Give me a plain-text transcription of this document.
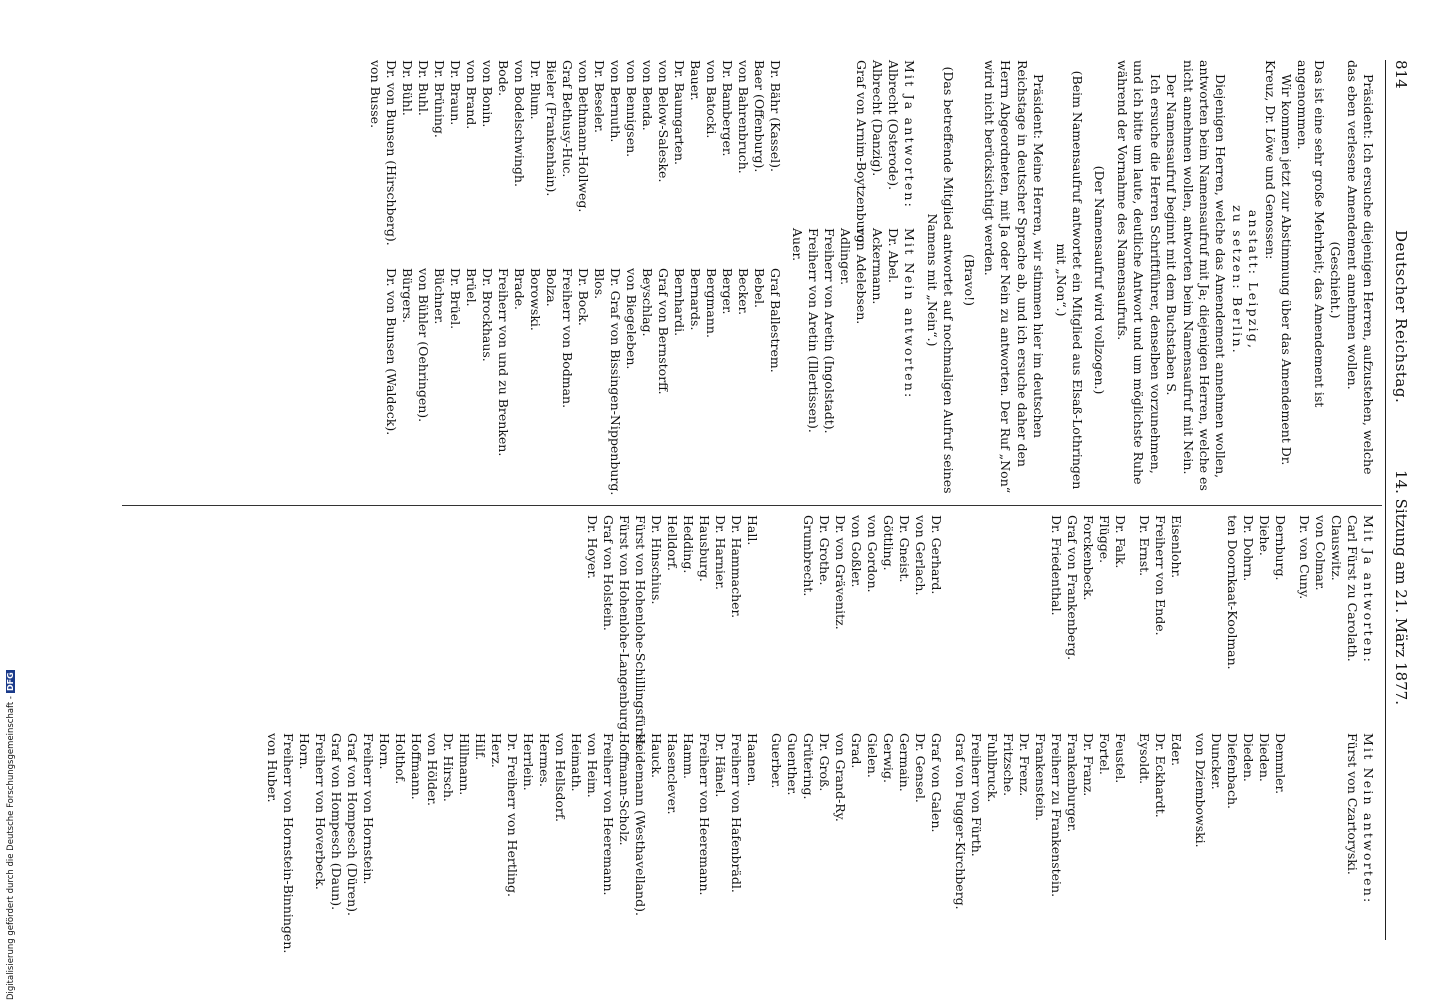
814
Deutscher Reichstag.
14. Sitzung am 21. März 1877.

Präsident: Ich ersuche diejenigen Herren, aufzustehen, welche das eben verlesene Amendement annehmen wollen.

(Geschieht.)

Das ist eine sehr große Mehrheit; das Amendement ist angenommen.

Wir kommen jetzt zur Abstimmung über das Amendement Dr. Kreuz, Dr. Löwe und Genossen:

anstatt: Leipzig,

zu setzen: Berlin.

Diejenigen Herren, welche das Amendement annehmen wollen, antworten beim Namensaufruf mit Ja; diejenigen Herren, welche es nicht annehmen wollen, antworten beim Namensaufruf mit Nein.

Der Namensaufruf beginnt mit dem Buchstaben S.

Ich ersuche die Herren Schriftführer, denselben vorzunehmen, und ich bitte um laute, deutliche Antwort und um möglichste Ruhe während der Vornahme des Namensaufrufs.

(Der Namensaufruf wird vollzogen.)

(Beim Namensaufruf antwortet ein Mitglied aus Elsaß-Lothringen mit „Non“.)

Präsident: Meine Herren, wir stimmen hier im deutschen Reichstage in deutscher Sprache ab, und ich ersuche daher den Herrn Abgeordneten, mit Ja oder Nein zu antworten. Der Ruf „Non“ wird nicht berücksichtigt werden.

(Bravo!)

(Das betreffende Mitglied antwortet auf nochmaligen Aufruf seines Namens mit „Nein“.)

Mit Ja antworten:
Albrecht (Osterode).
Albrecht (Danzig).
Graf von Arnim-Boytzenburg.
Mit Nein antworten:
Dr. Abel.
Ackermann.
von Adelebsen.
Adlinger.
Freiherr von Aretin (Ingolstadt).
Freiherr von Aretin (Illertissen).
Auer.
Dr. Bähr (Kassel).
Baer (Offenburg).
von Bahrenbruch.
Dr. Bamberger.
von Batocki.
Bauer.
Dr. Baumgarten.
von Below-Saleske.
von Benda.
von Bennigsen.
von Bernuth.
Dr. Beseler.
von Bethmann-Hollweg.
Graf Bethusy-Huc.
Bieler (Frankenhain).
Dr. Blum.
von Bodelschwingh.
Bode.
von Bonin.
von Brand.
Dr. Braun.
Dr. Brüning.
Dr. Buhl.
Dr. Bühl.
Dr. von Bunsen (Hirschberg).
von Busse.
Graf Ballestrem.
Bebel.
Becker.
Berger.
Bergmann.
Bernards.
Bernhardi.
Graf von Bernstorff.
Beyschlag.
von Biegeleben.
Dr. Graf von Bissingen-Nippenburg.
Blos.
Dr. Bock.
Freiherr von Bodman.
Bolza.
Borowski.
Brade.
Freiherr von und zu Brenken.
Dr. Brockhaus.
Brüel.
Dr. Brüel.
Büchner.
von Bühler (Oehringen).
Bürgers.
Dr. von Bunsen (Waldeck).
Mit Ja antworten:
Carl Fürst zu Carolath.
Clauswitz.
von Colmar.
Dr. von Cuny.
Mit Nein antworten:
Fürst von Czartoryski.
Dernburg.
Diehe.
Dr. Dohrn.
ten Doornkaat-Koolman.
Demmler.
Dieden.
Dieden.
Diefenbach.
Duncker.
von Dziembowski.
Eisenlohr.
Freiherr von Ende.
Dr. Ernst.
Eder.
Dr. Eckhardt.
Eysoldt.
Dr. Falk.
Flügge.
Forckenbeck.
Graf von Frankenberg.
Dr. Friedenthal.
Feustel.
Fortel.
Dr. Franz.
Frankenburger.
Freiherr zu Frankenstein.
Frankenstein.
Dr. Frenz.
Fritzsche.
Fuhlbruck.
Freiherr von Fürth.
Graf von Fugger-Kirchberg.
Dr. Gerhard.
von Gerlach.
Dr. Gneist.
Göttling.
von Gordon.
von Goßler.
Dr. von Grävenitz.
Dr. Grothe.
Grumbrecht.
Graf von Galen.
Dr. Gensel.
Germain.
Gerwig.
Gielen.
Grad.
von Grand-Ry.
Dr. Groß.
Grütering.
Guenther.
Guerber.
Hall.
Dr. Hammacher.
Dr. Harnier.
Hausburg.
Hedding.
Helldorf.
Dr. Hinschius.
Fürst von Hohenlohe-Schillingsfürst.
Fürst von Hohenlohe-Langenburg.
Graf von Holstein.
Dr. Hoyer.
Haanen.
Freiherr von Hafenbrädl.
Dr. Hänel.
Freiherr von Heeremann.
Hamm.
Hasenclever.
Hauck.
Heidemann (Westhavelland).
Hoffmann-Scholz.
Freiherr von Heeremann.
von Heim.
Heimath.
von Hellsdorf.
Hermes.
Herrlein.
Dr. Freiherr von Hertling.
Herz.
Hilf.
Hillmann.
Dr. Hirsch.
von Hölder.
Hoffmann.
Holthof.
Horn.
Freiherr von Hornstein.
Graf von Hompesch (Düren).
Graf von Hompesch (Daun).
Freiherr von Hoverbeck.
Horn.
Freiherr von Hornstein-Binningen.
von Huber.
Digitalisierung gefördert durch die Deutsche Forschungsgemeinschaft -DFG
